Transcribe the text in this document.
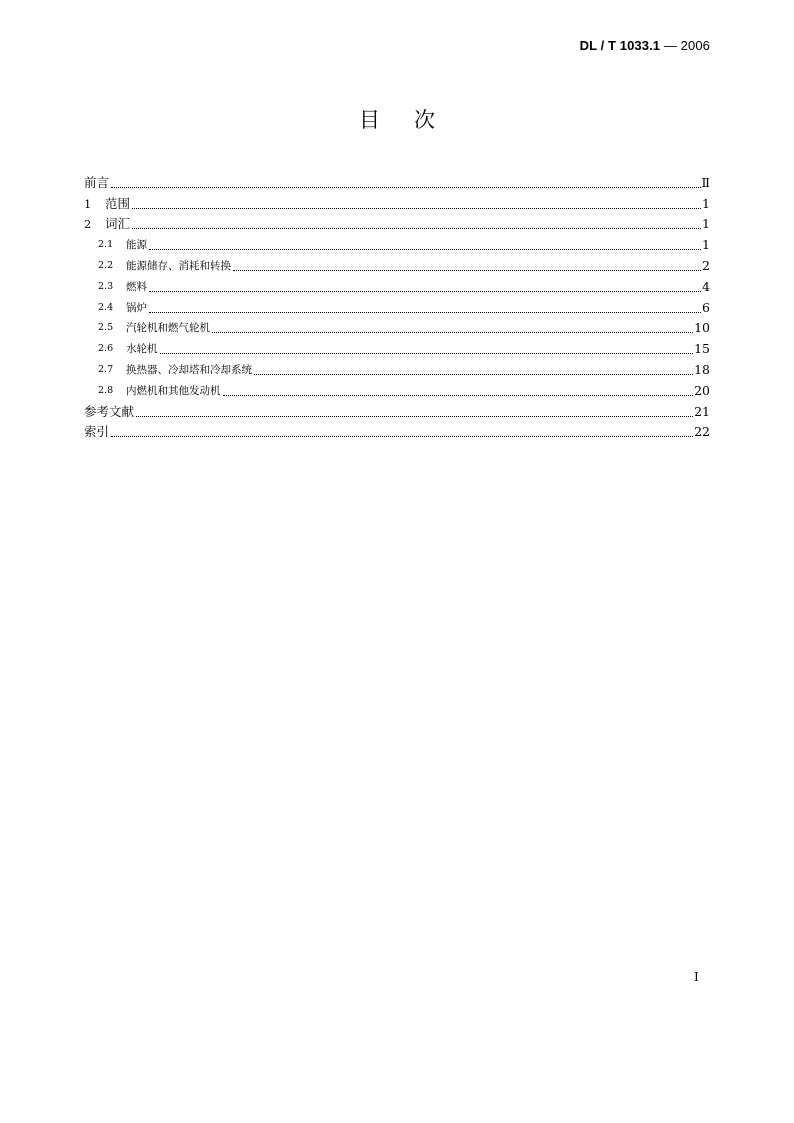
DL / T 1033.1 — 2006
目次
前言	Ⅱ
1	范围	1
2	词汇	1
2.1	能源	1
2.2	能源储存、消耗和转换	2
2.3	燃料	4
2.4	锅炉	6
2.5	汽轮机和燃气轮机	10
2.6	水轮机	15
2.7	换热器、冷却塔和冷却系统	18
2.8	内燃机和其他发动机	20
参考文献	21
索引	22
I
